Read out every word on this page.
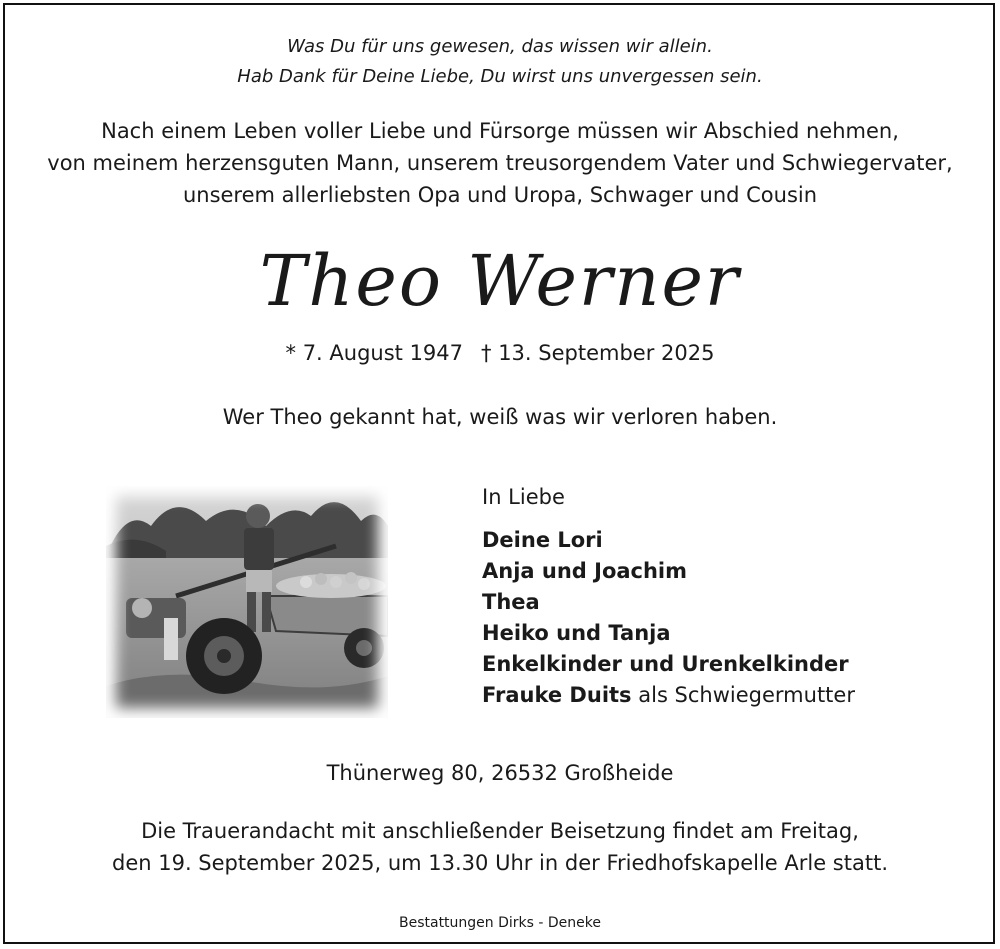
Was Du für uns gewesen, das wissen wir allein.
Hab Dank für Deine Liebe, Du wirst uns unvergessen sein.
Nach einem Leben voller Liebe und Fürsorge müssen wir Abschied nehmen,
von meinem herzensguten Mann, unserem treusorgendem Vater und Schwiegervater,
unserem allerliebsten Opa und Uropa, Schwager und Cousin
Theo Werner
* 7. August 1947 † 13. September 2025
Wer Theo gekannt hat, weiß was wir verloren haben.
In Liebe
Deine Lori
Anja und Joachim
Thea
Heiko und Tanja
Enkelkinder und Urenkelkinder
Frauke Duits als Schwiegermutter
Thünerweg 80, 26532 Großheide
Die Trauerandacht mit anschließender Beisetzung findet am Freitag,
den 19. September 2025, um 13.30 Uhr in der Friedhofskapelle Arle statt.
Bestattungen Dirks - Deneke
